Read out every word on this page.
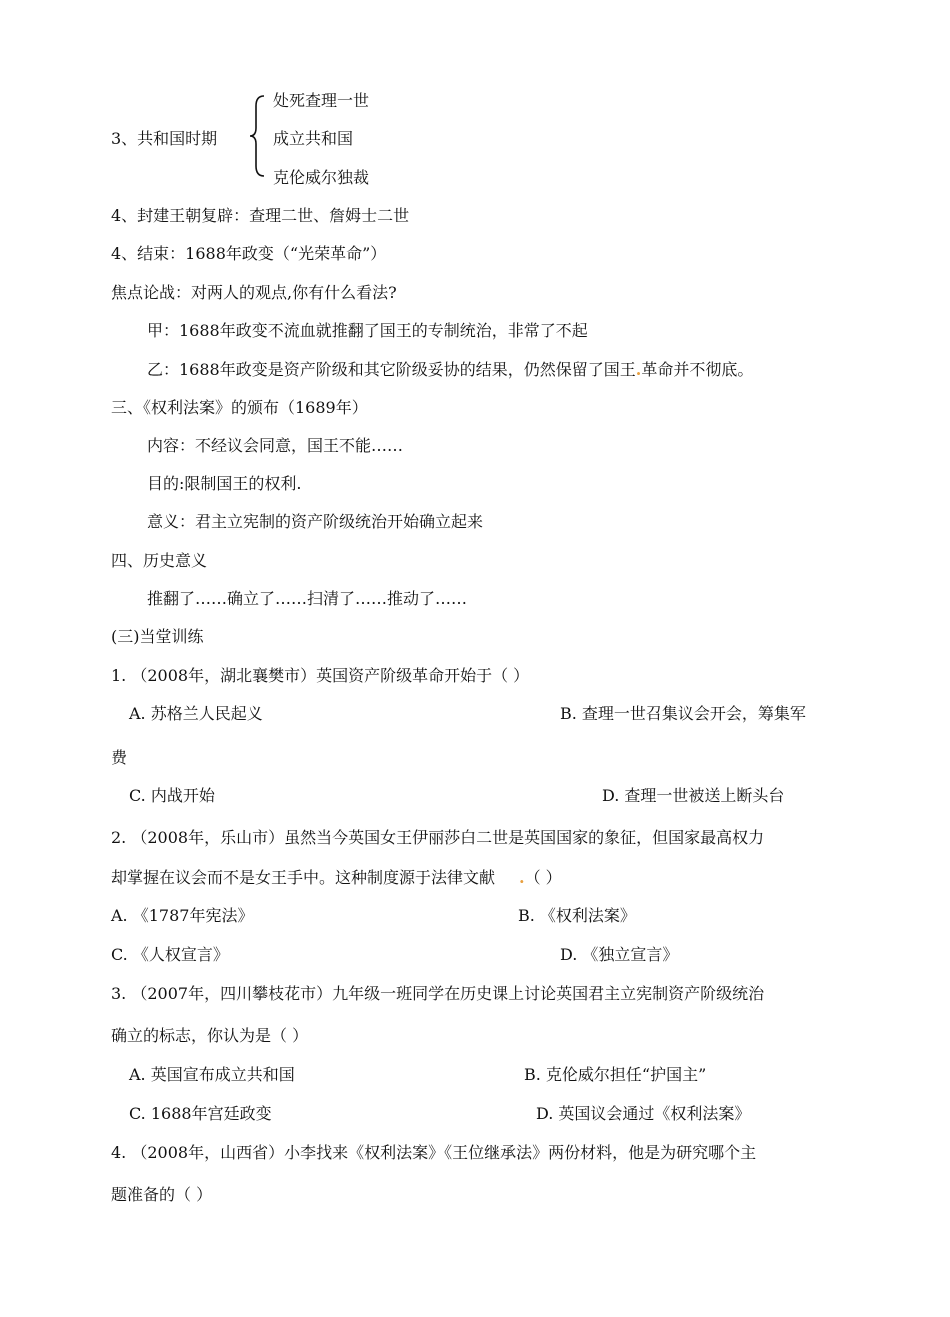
处死查理一世
3、共和国时期	成立共和国
克伦威尔独裁
4、封建王朝复辟：查理二世、詹姆士二世
4、结束：1688年政变（“光荣革命”）
焦点论战：对两人的观点,你有什么看法?
甲：1688年政变不流血就推翻了国王的专制统治，非常了不起
乙：1688年政变是资产阶级和其它阶级妥协的结果，仍然保留了国王.革命并不彻底。
三、《权利法案》的颁布（1689年）
内容：不经议会同意，国王不能……
目的:限制国王的权利.
意义：君主立宪制的资产阶级统治开始确立起来
四、历史意义
推翻了……确立了……扫清了……推动了……
(三)当堂训练
1. （2008年，湖北襄樊市）英国资产阶级革命开始于（ ）
A. 苏格兰人民起义	B. 查理一世召集议会开会，筹集军
费
C. 内战开始	D. 查理一世被送上断头台
2. （2008年，乐山市）虽然当今英国女王伊丽莎白二世是英国国家的象征，但国家最高权力
却掌握在议会而不是女王手中。这种制度源于法律文献 .（ ）
A. 《1787年宪法》	B. 《权利法案》
C. 《人权宣言》	D. 《独立宣言》
3. （2007年，四川攀枝花市）九年级一班同学在历史课上讨论英国君主立宪制资产阶级统治
确立的标志，你认为是（ ）
A. 英国宣布成立共和国	B. 克伦威尔担任“护国主”
C. 1688年宫廷政变	D. 英国议会通过《权利法案》
4. （2008年，山西省）小李找来《权利法案》《王位继承法》两份材料，他是为研究哪个主
题准备的（ ）
